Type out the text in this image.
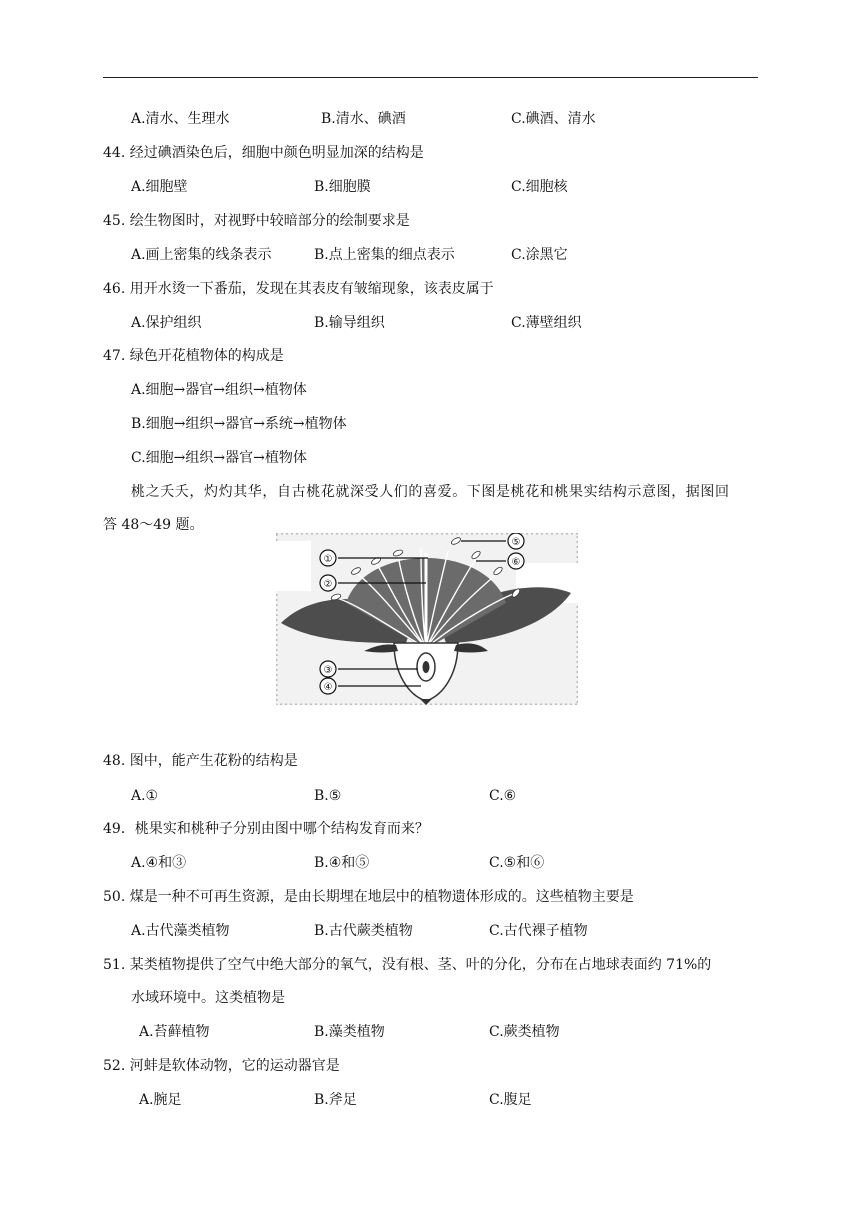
A.清水、生理水	B.清水、碘酒	C.碘酒、清水
44. 经过碘酒染色后，细胞中颜色明显加深的结构是
A.细胞壁	B.细胞膜	C.细胞核
45. 绘生物图时，对视野中较暗部分的绘制要求是
A.画上密集的线条表示	B.点上密集的细点表示	C.涂黑它
46. 用开水烫一下番茄，发现在其表皮有皱缩现象，该表皮属于
A.保护组织	B.输导组织	C.薄壁组织
47. 绿色开花植物体的构成是
A.细胞→器官→组织→植物体
B.细胞→组织→器官→系统→植物体
C.细胞→组织→器官→植物体
桃之夭夭，灼灼其华，自古桃花就深受人们的喜爱。下图是桃花和桃果实结构示意图，据图回
答 48～49 题。
①
②
③
④
⑤
⑥
48. 图中，能产生花粉的结构是
A.①	B.⑤	C.⑥
49．桃果实和桃种子分别由图中哪个结构发育而来？
A.④和③	B.④和⑤	C.⑤和⑥
50. 煤是一种不可再生资源，是由长期埋在地层中的植物遗体形成的。这些植物主要是
A.古代藻类植物	B.古代蕨类植物	C.古代裸子植物
51. 某类植物提供了空气中绝大部分的氧气，没有根、茎、叶的分化，分布在占地球表面约 71%的
水域环境中。这类植物是
A.苔藓植物	B.藻类植物	C.蕨类植物
52. 河蚌是软体动物，它的运动器官是
A.腕足	B.斧足	C.腹足
